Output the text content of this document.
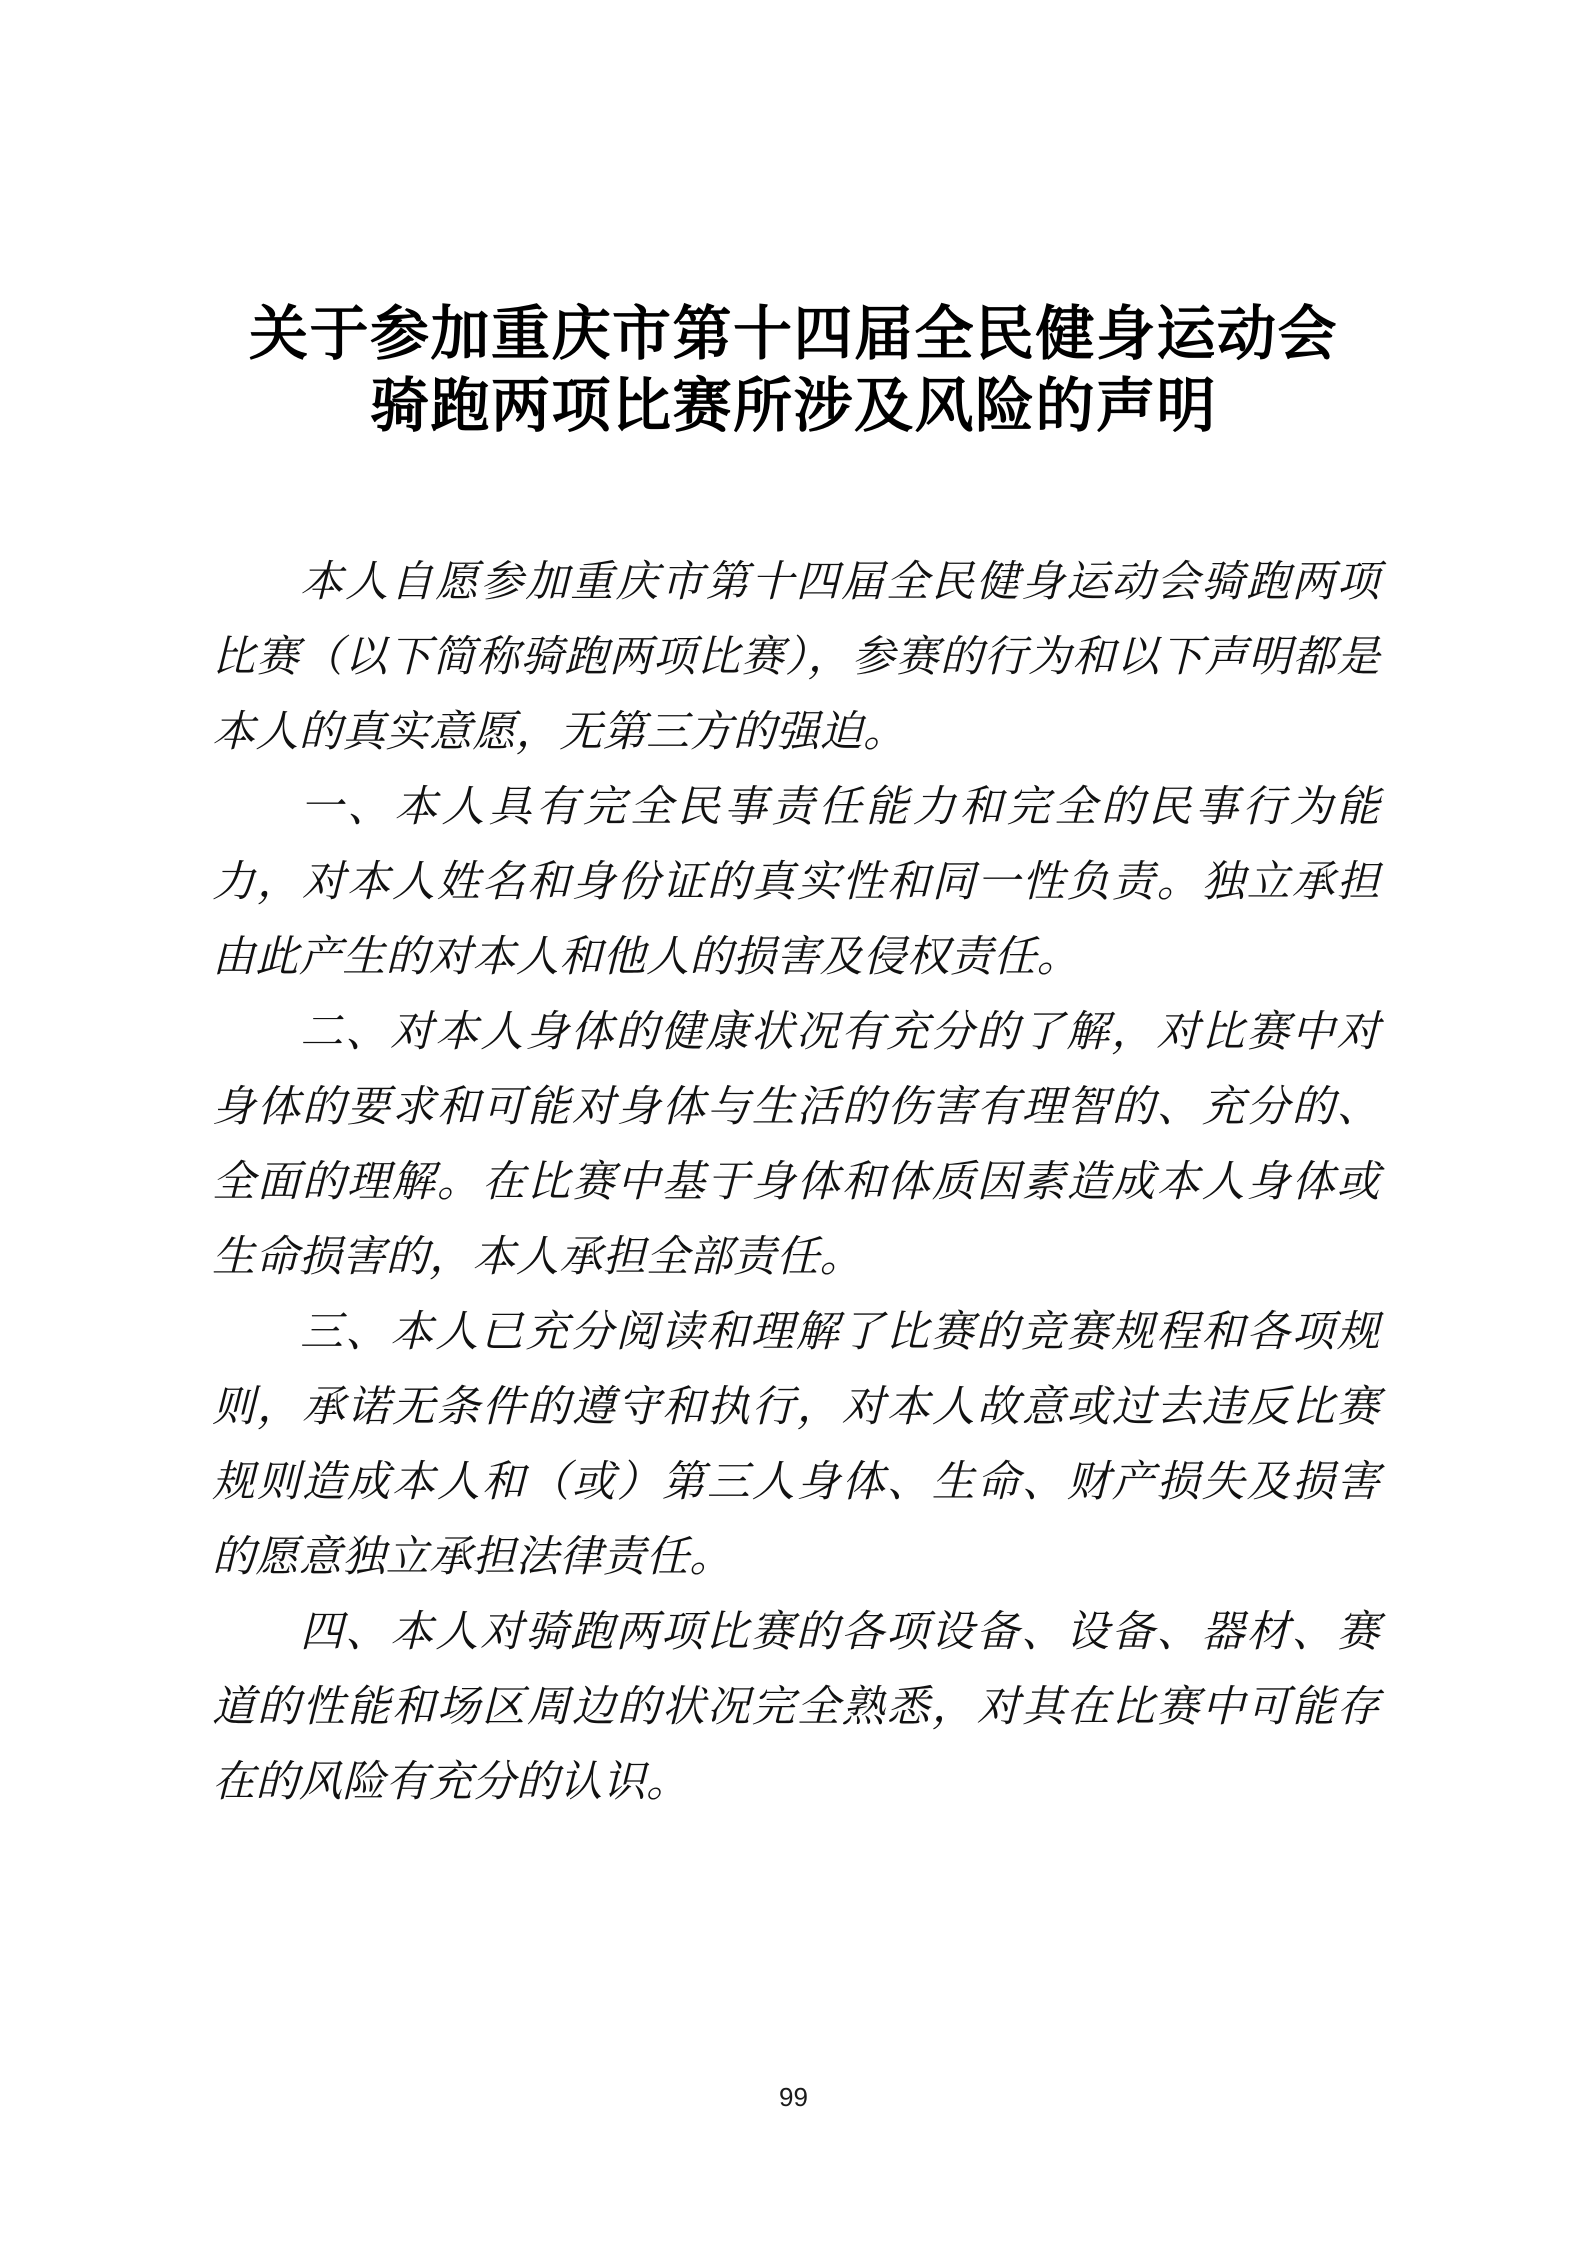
关于参加重庆市第十四届全民健身运动会
骑跑两项比赛所涉及风险的声明

本人自愿参加重庆市第十四届全民健身运动会骑跑两项比赛（以下简称骑跑两项比赛），参赛的行为和以下声明都是本人的真实意愿，无第三方的强迫。

一、本人具有完全民事责任能力和完全的民事行为能力，对本人姓名和身份证的真实性和同一性负责。独立承担由此产生的对本人和他人的损害及侵权责任。

二、对本人身体的健康状况有充分的了解，对比赛中对身体的要求和可能对身体与生活的伤害有理智的、充分的、全面的理解。在比赛中基于身体和体质因素造成本人身体或生命损害的，本人承担全部责任。

三、本人已充分阅读和理解了比赛的竞赛规程和各项规则，承诺无条件的遵守和执行，对本人故意或过去违反比赛规则造成本人和（或）第三人身体、生命、财产损失及损害的愿意独立承担法律责任。

四、本人对骑跑两项比赛的各项设备、设备、器材、赛道的性能和场区周边的状况完全熟悉，对其在比赛中可能存在的风险有充分的认识。

99
